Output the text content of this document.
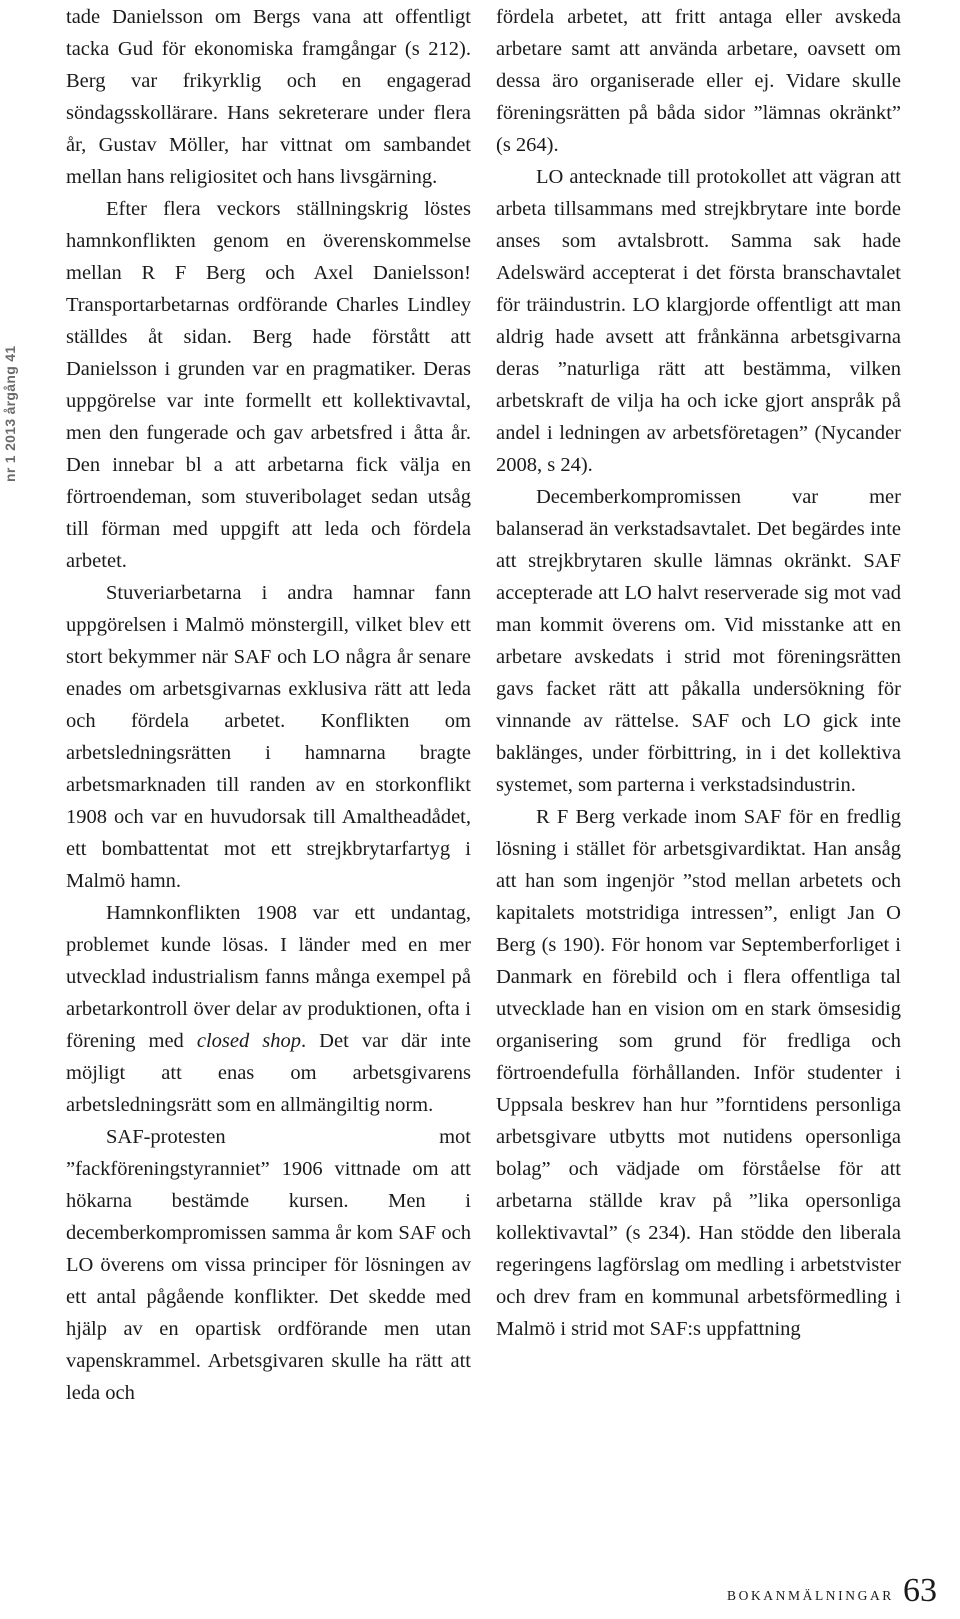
nr 1 2013 årgång 41

tade Danielsson om Bergs vana att offentligt tacka Gud för ekonomiska framgångar (s 212). Berg var frikyrklig och en engagerad söndagsskollärare. Hans sekreterare under flera år, Gustav Möller, har vittnat om sambandet mellan hans religiositet och hans livsgärning.

Efter flera veckors ställningskrig löstes hamnkonflikten genom en överenskommelse mellan R F Berg och Axel Danielsson! Transportarbetarnas ordförande Charles Lindley ställdes åt sidan. Berg hade förstått att Danielsson i grunden var en pragmatiker. Deras uppgörelse var inte formellt ett kollektivavtal, men den fungerade och gav arbetsfred i åtta år. Den innebar bl a att arbetarna fick välja en förtroendeman, som stuveribolaget sedan utsåg till förman med uppgift att leda och fördela arbetet.

Stuveriarbetarna i andra hamnar fann uppgörelsen i Malmö mönstergill, vilket blev ett stort bekymmer när SAF och LO några år senare enades om arbetsgivarnas exklusiva rätt att leda och fördela arbetet. Konflikten om arbetsledningsrätten i hamnarna bragte arbetsmarknaden till randen av en storkonflikt 1908 och var en huvudorsak till Amaltheadådet, ett bombattentat mot ett strejkbrytarfartyg i Malmö hamn.

Hamnkonflikten 1908 var ett undantag, problemet kunde lösas. I länder med en mer utvecklad industrialism fanns många exempel på arbetarkontroll över delar av produktionen, ofta i förening med closed shop. Det var där inte möjligt att enas om arbetsgivarens arbetsledningsrätt som en allmängiltig norm.

SAF-protesten mot ”fackföreningstyranniet” 1906 vittnade om att hökarna bestämde kursen. Men i decemberkompromissen samma år kom SAF och LO överens om vissa principer för lösningen av ett antal pågående konflikter. Det skedde med hjälp av en opartisk ordförande men utan vapenskrammel. Arbetsgivaren skulle ha rätt att leda och

fördela arbetet, att fritt antaga eller avskeda arbetare samt att använda arbetare, oavsett om dessa äro organiserade eller ej. Vidare skulle föreningsrätten på båda sidor ”lämnas okränkt” (s 264).

LO antecknade till protokollet att vägran att arbeta tillsammans med strejkbrytare inte borde anses som avtalsbrott. Samma sak hade Adelswärd accepterat i det första branschavtalet för träindustrin. LO klargjorde offentligt att man aldrig hade avsett att frånkänna arbetsgivarna deras ”naturliga rätt att bestämma, vilken arbetskraft de vilja ha och icke gjort anspråk på andel i ledningen av arbetsföretagen” (Nycander 2008, s 24).

Decemberkompromissen var mer balanserad än verkstadsavtalet. Det begärdes inte att strejkbrytaren skulle lämnas okränkt. SAF accepterade att LO halvt reserverade sig mot vad man kommit överens om. Vid misstanke att en arbetare avskedats i strid mot föreningsrätten gavs facket rätt att påkalla undersökning för vinnande av rättelse. SAF och LO gick inte baklänges, under förbittring, in i det kollektiva systemet, som parterna i verkstadsindustrin.

R F Berg verkade inom SAF för en fredlig lösning i stället för arbetsgivardiktat. Han ansåg att han som ingenjör ”stod mellan arbetets och kapitalets motstridiga intressen”, enligt Jan O Berg (s 190). För honom var Septemberforliget i Danmark en förebild och i flera offentliga tal utvecklade han en vision om en stark ömsesidig organisering som grund för fredliga och förtroendefulla förhållanden. Inför studenter i Uppsala beskrev han hur ”forntidens personliga arbetsgivare utbytts mot nutidens opersonliga bolag” och vädjade om förståelse för att arbetarna ställde krav på ”lika opersonliga kollektivavtal” (s 234). Han stödde den liberala regeringens lagförslag om medling i arbetstvister och drev fram en kommunal arbetsförmedling i Malmö i strid mot SAF:s uppfattning

BOKANMÄLNINGAR 63
